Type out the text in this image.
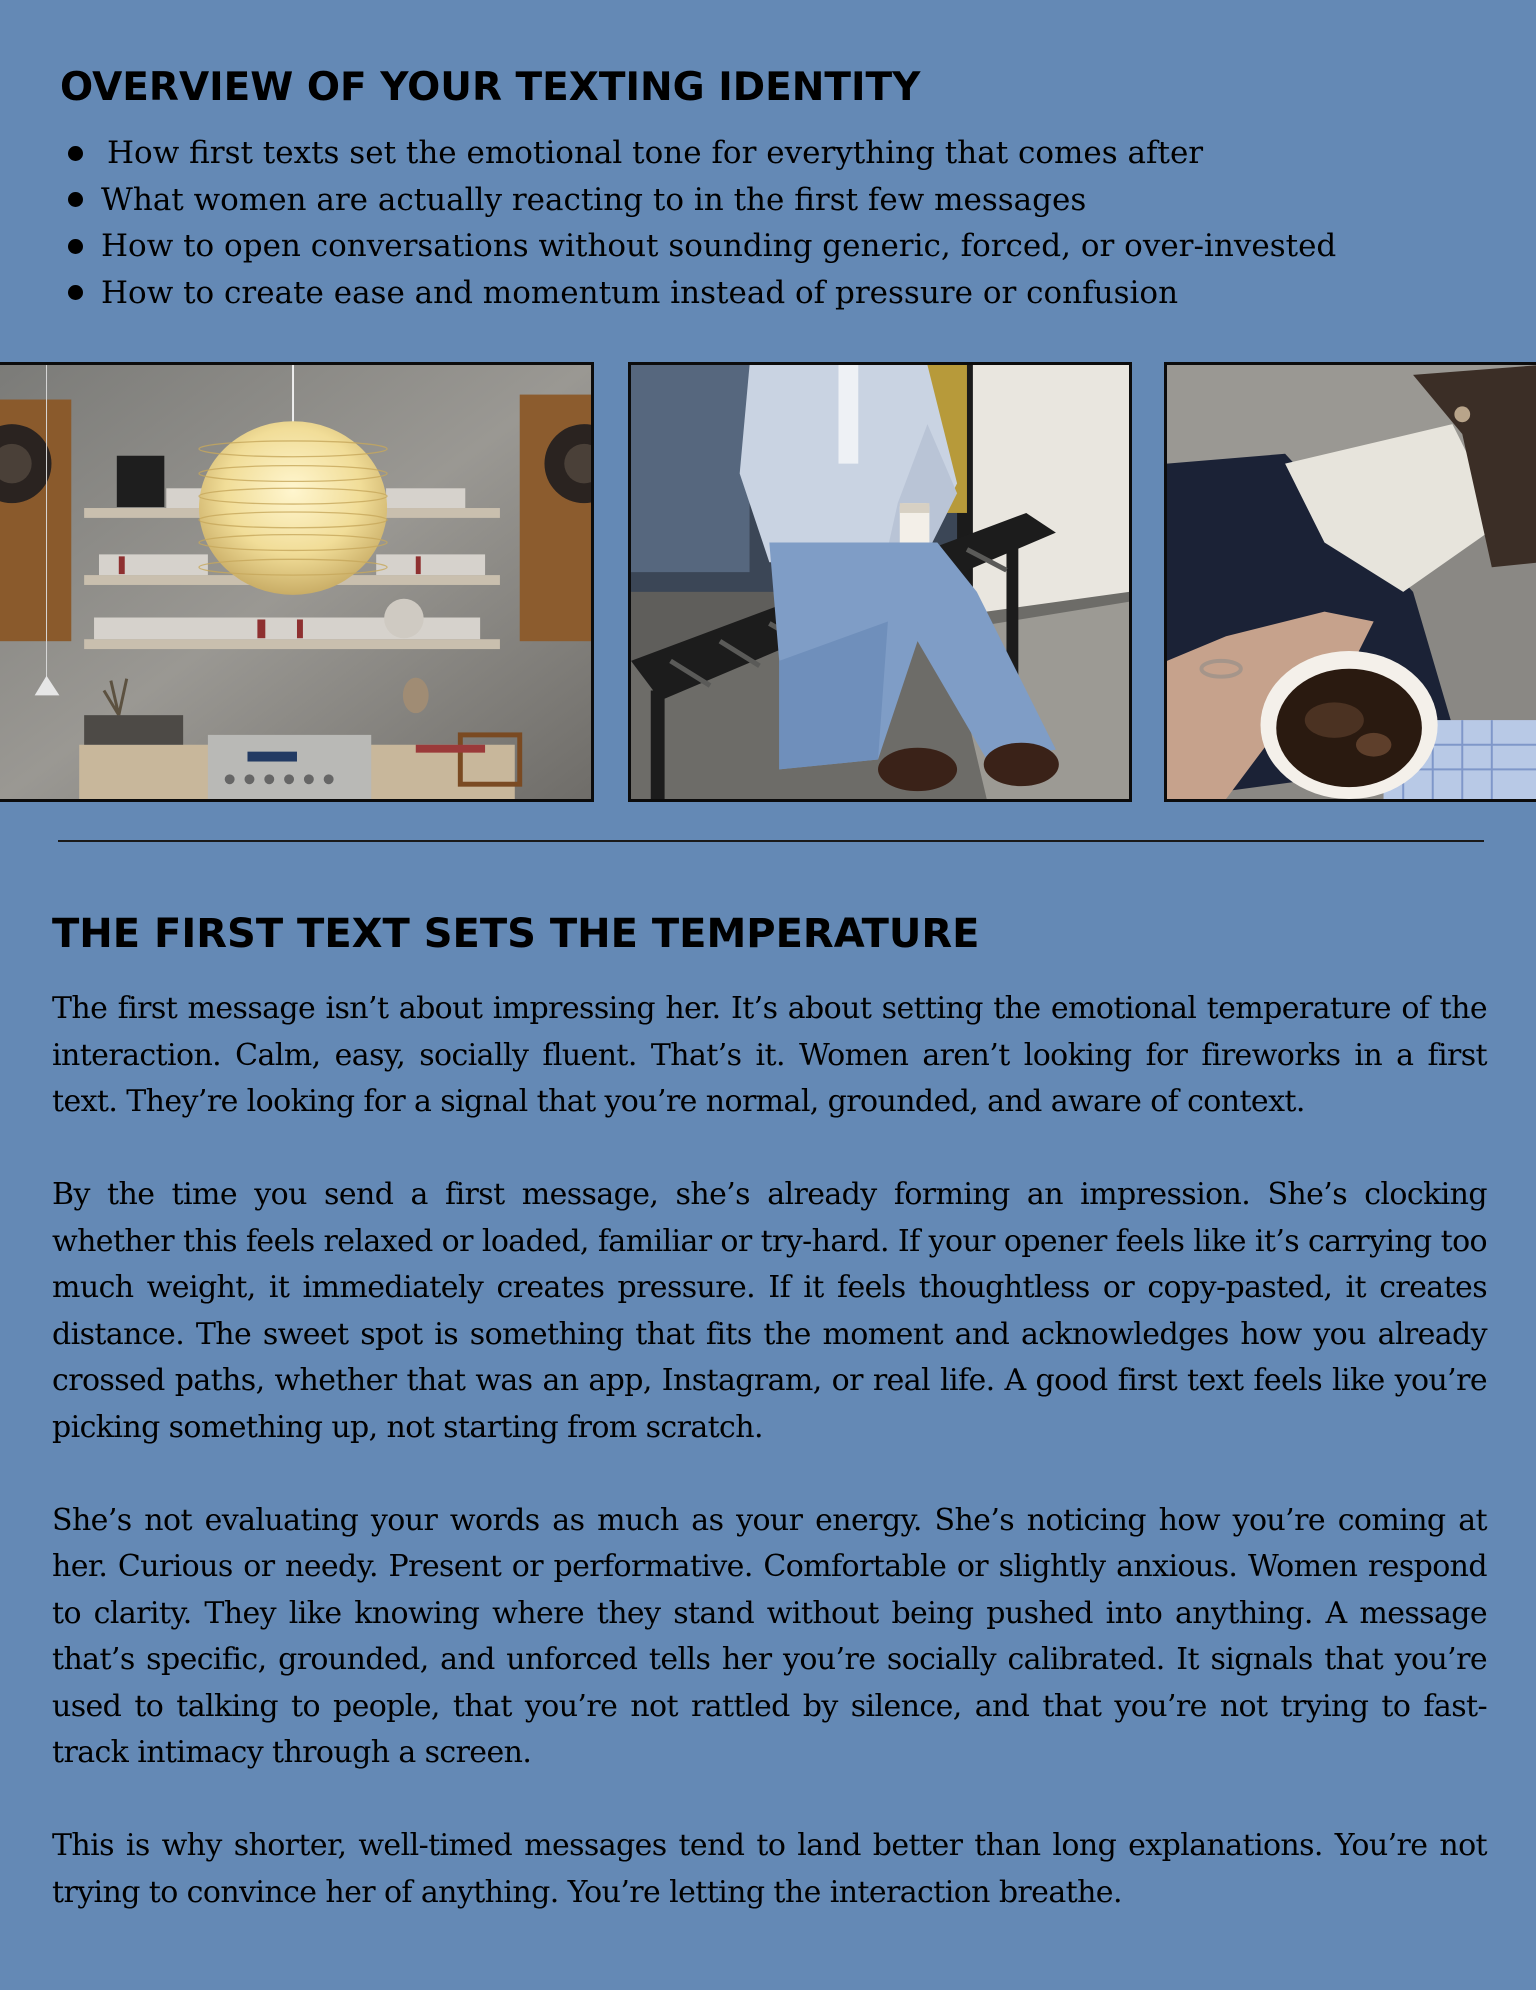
OVERVIEW OF YOUR TEXTING IDENTITY
How first texts set the emotional tone for everything that comes after
What women are actually reacting to in the first few messages
How to open conversations without sounding generic, forced, or over-invested
How to create ease and momentum instead of pressure or confusion
THE FIRST TEXT SETS THE TEMPERATURE

The first message isn’t about impressing her. It’s about setting the emotional temperature of the interaction. Calm, easy, socially fluent. That’s it. Women aren’t looking for fireworks in a first text. They’re looking for a signal that you’re normal, grounded, and aware of context.

By the time you send a first message, she’s already forming an impression. She’s clocking whether this feels relaxed or loaded, familiar or try-hard. If your opener feels like it’s carrying too much weight, it immediately creates pressure. If it feels thoughtless or copy-pasted, it creates distance. The sweet spot is something that fits the moment and acknowledges how you already crossed paths, whether that was an app, Instagram, or real life. A good first text feels like you’re picking something up, not starting from scratch.

She’s not evaluating your words as much as your energy. She’s noticing how you’re coming at her. Curious or needy. Present or performative. Comfortable or slightly anxious. Women respond to clarity. They like knowing where they stand without being pushed into anything. A message that’s specific, grounded, and unforced tells her you’re socially calibrated. It signals that you’re used to talking to people, that you’re not rattled by silence, and that you’re not trying to fast-track intimacy through a screen.

This is why shorter, well-timed messages tend to land better than long explanations. You’re not trying to convince her of anything. You’re letting the interaction breathe.
